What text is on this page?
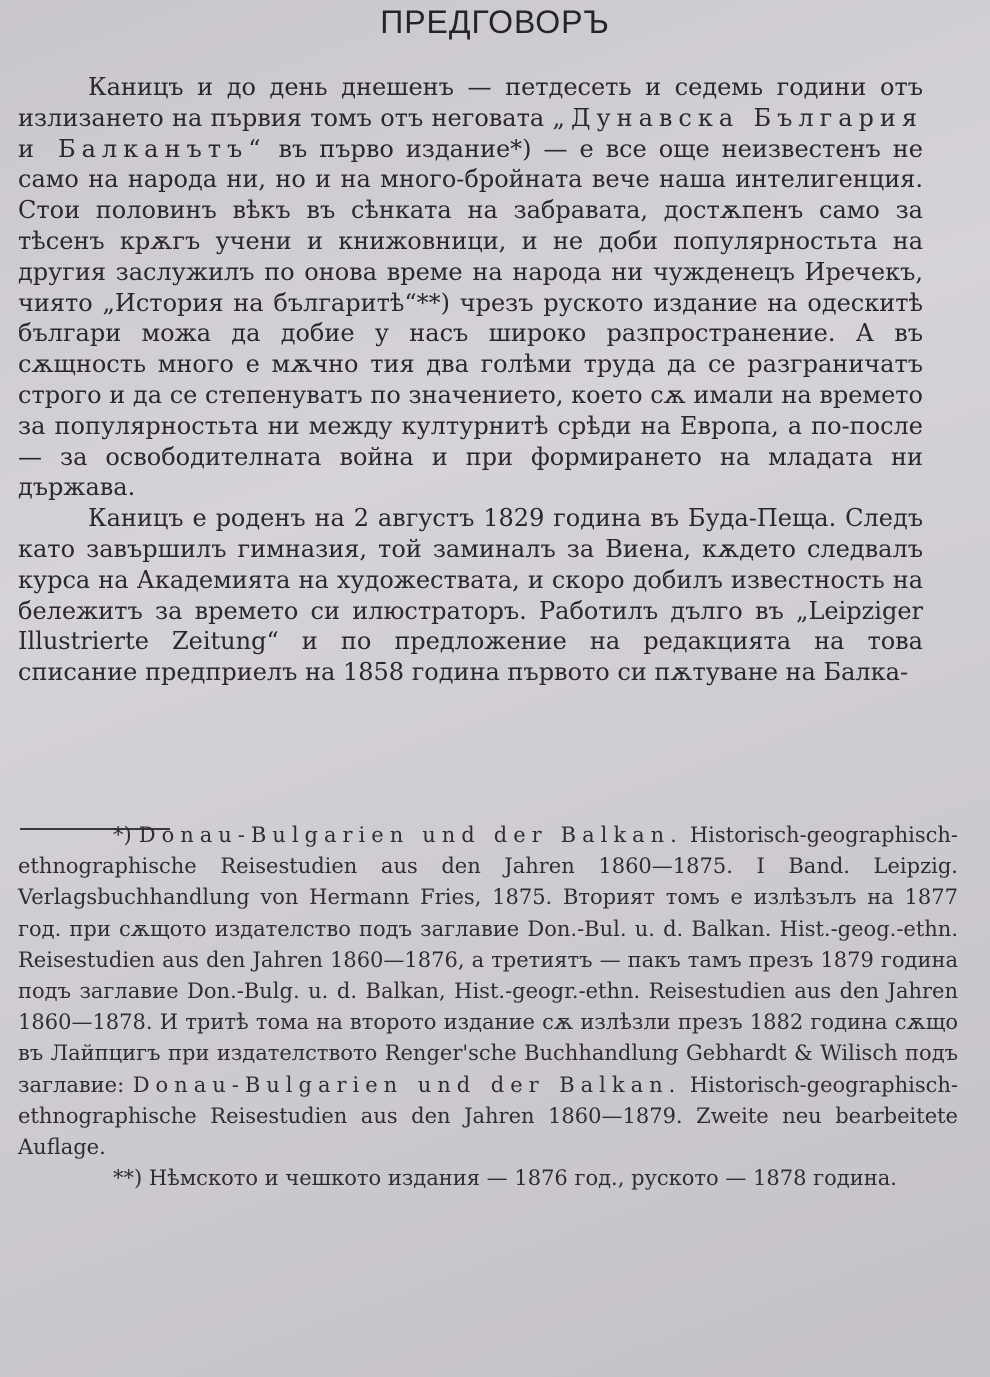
ПРЕДГОВОРЪ

Каницъ и до день днешенъ — петдесеть и седемь години отъ излизането на първия томъ отъ неговата „Дунавска България и Балканътъ“ въ първо издание*) — е все още неизвестенъ не само на народа ни, но и на много-бройната вече наша интелигенция. Стои половинъ вѣкъ въ сѣнката на забравата, достѫпенъ само за тѣсенъ крѫгъ учени и книжовници, и не доби популярностьта на другия заслужилъ по онова време на народа ни чужденецъ Иречекъ, чиято „История на българитѣ“**) чрезъ руското издание на одескитѣ българи можа да добие у насъ широко разпространение. А въ сѫщность много е мѫчно тия два голѣми труда да се разграничатъ строго и да се степенуватъ по значението, което сѫ имали на времето за популярностьта ни между културнитѣ срѣди на Европа, а по-после — за освободителната война и при формирането на младата ни държава.

Каницъ е роденъ на 2 августъ 1829 година въ Буда-Пеща. Следъ като завършилъ гимназия, той заминалъ за Виена, кѫдето следвалъ курса на Академията на художествата, и скоро добилъ известность на бележитъ за времето си илюстраторъ. Работилъ дълго въ „Leipziger Illustrierte Zeitung“ и по предложение на редакцията на това списание предприелъ на 1858 година първото си пѫтуване на Балка-

*) Donau-Bulgarien und der Balkan. Historisch-geographisch-ethnographische Reisestudien aus den Jahren 1860—1875. I Band. Leipzig. Verlagsbuchhandlung von Hermann Fries, 1875. Вторият томъ е излѣзълъ на 1877 год. при сѫщото издателство подъ заглавие Don.-Bul. u. d. Balkan. Hist.-geog.-ethn. Reisestudien aus den Jahren 1860—1876, а третиятъ — пакъ тамъ презъ 1879 година подъ заглавие Don.-Bulg. u. d. Balkan, Hist.-geogr.-ethn. Reisestudien aus den Jahren 1860—1878. И тритѣ тома на второто издание сѫ излѣзли презъ 1882 година сѫщо въ Лайпцигъ при издателството Renger'sche Buchhandlung Gebhardt & Wilisch подъ заглавие: Donau-Bulgarien und der Balkan. Historisch-geographisch-ethnographische Reisestudien aus den Jahren 1860—1879. Zweite neu bearbeitete Auflage.

**) Нѣмското и чешкото издания — 1876 год., руското — 1878 година.
